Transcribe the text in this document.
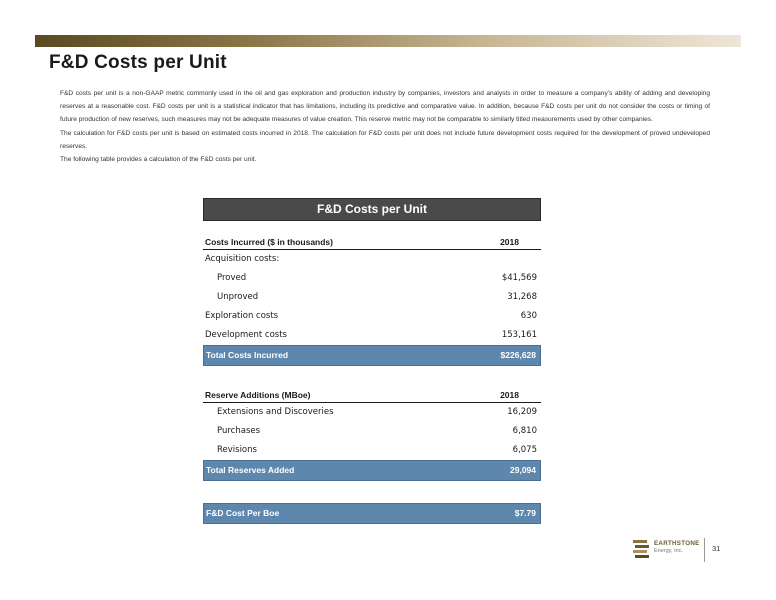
F&D Costs per Unit

F&D costs per unit is a non-GAAP metric commonly used in the oil and gas exploration and production industry by companies, investors and analysts in order to measure a company’s ability of adding and developing reserves at a reasonable cost. F&D costs per unit is a statistical indicator that has limitations, including its predictive and comparative value. In addition, because F&D costs per unit do not consider the costs or timing of future production of new reserves, such measures may not be adequate measures of value creation. This reserve metric may not be comparable to similarly titled measurements used by other companies.

The calculation for F&D costs per unit is based on estimated costs incurred in 2018. The calculation for F&D costs per unit does not include future development costs required for the development of proved undeveloped reserves.

The following table provides a calculation of the F&D costs per unit.

F&D Costs per Unit
Costs Incurred ($ in thousands)	2018
Acquisition costs:
Proved	$41,569
Unproved	31,268
Exploration costs	630
Development costs	153,161
Total Costs Incurred	$226,628
Reserve Additions (MBoe)	2018
Extensions and Discoveries	16,209
Purchases	6,810
Revisions	6,075
Total Reserves Added	29,094
F&D Cost Per Boe	$7.79
EARTHSTONE
Energy, Inc.	31
